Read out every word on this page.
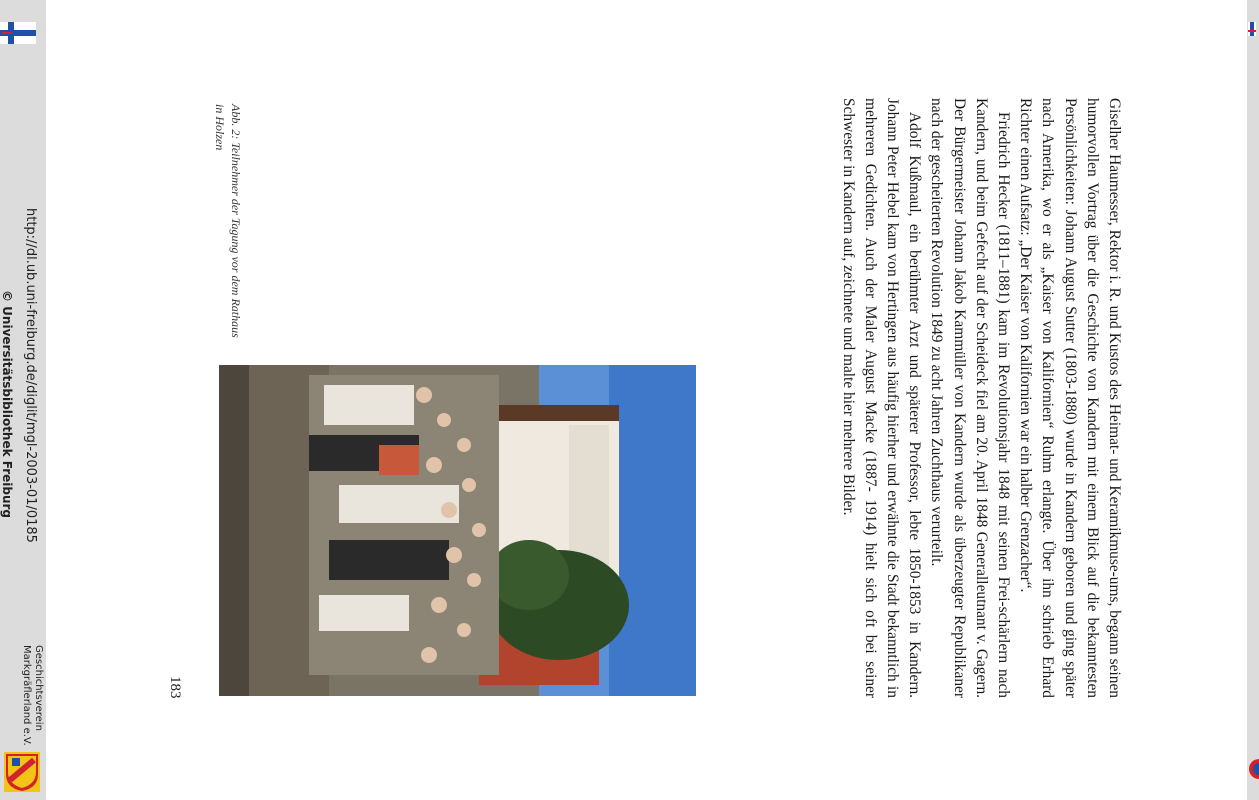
http://dl.ub.uni-freiburg.de/diglit/mgl-2003-01/0185
© Universitätsbibliothek Freiburg
Geschichtsverein
Markgräflerland e.V.	Giselher Haumesser, Rektor i. R. und Kustos des Heimat- und Keramikmuse-ums, begann seinen humorvollen Vortrag über die Geschichte von Kandern mit einem Blick auf die bekanntesten Persönlichkeiten: Johann August Sutter (1803-1880) wurde in Kandern geboren und ging später nach Amerika, wo er als „Kaiser von Kalifornien“ Ruhm erlangte. Über ihn schrieb Erhard Richter einen Aufsatz: „Der Kaiser von Kalifornien war ein halber Grenzacher“.

Friedrich Hecker (1811–1881) kam im Revolutionsjahr 1848 mit seinen Frei-schärlern nach Kandern, und beim Gefecht auf der Scheideck fiel am 20. April 1848 Generalleutnant v. Gagern. Der Bürgermeister Johann Jakob Kammüller von Kandern wurde als überzeugter Republikaner nach der gescheiterten Revolution 1849 zu acht Jahren Zuchthaus verurteilt.

Adolf Kußmaul, ein berühmter Arzt und späterer Professor, lebte 1850-1853 in Kandern. Johann Peter Hebel kam von Hertingen aus häufig hierher und erwähnte die Stadt bekanntlich in mehreren Gedichten. Auch der Maler August Macke (1887- 1914) hielt sich oft bei seiner Schwester in Kandern auf, zeichnete und malte hier mehrere Bilder.

Abb. 2: Teilnehmer der Tagung vor dem Rathaus in Holzen
183
